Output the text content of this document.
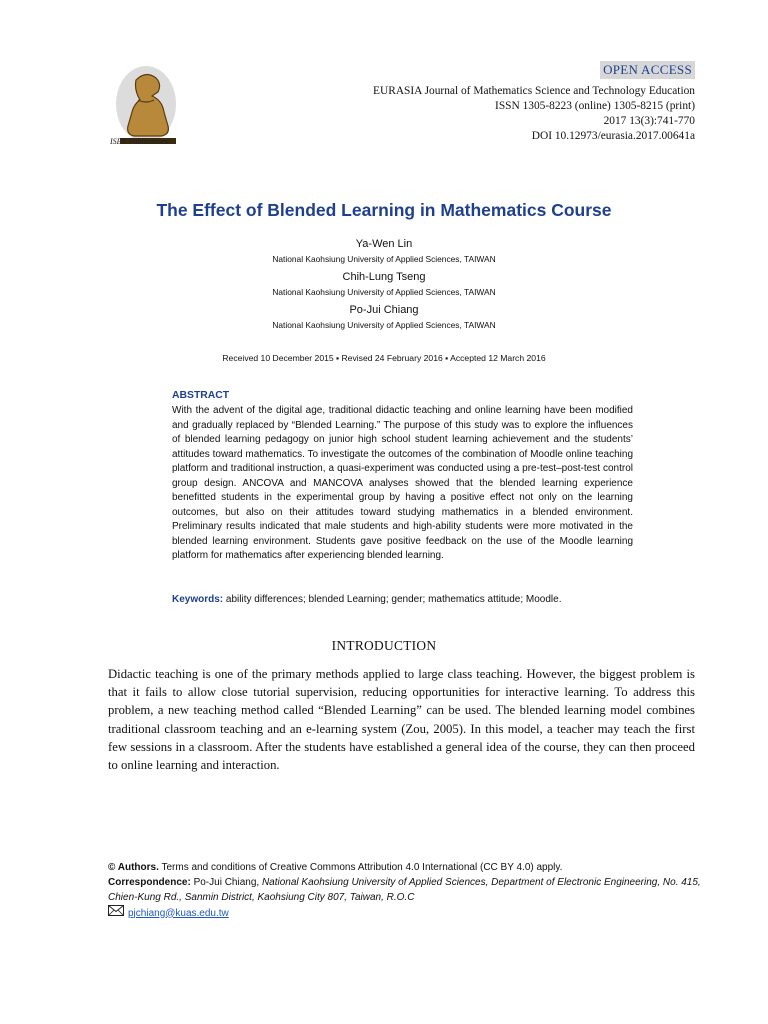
ISER Publications
OPEN ACCESS
EURASIA Journal of Mathematics Science and Technology Education
ISSN 1305-8223 (online) 1305-8215 (print)
2017 13(3):741-770
DOI 10.12973/eurasia.2017.00641a
The Effect of Blended Learning in Mathematics Course
Ya-Wen Lin
National Kaohsiung University of Applied Sciences, TAIWAN
Chih-Lung Tseng
National Kaohsiung University of Applied Sciences, TAIWAN
Po-Jui Chiang
National Kaohsiung University of Applied Sciences, TAIWAN
Received 10 December 2015 ▪ Revised 24 February 2016 ▪ Accepted 12 March 2016
ABSTRACT
With the advent of the digital age, traditional didactic teaching and online learning have been modified and gradually replaced by “Blended Learning.” The purpose of this study was to explore the influences of blended learning pedagogy on junior high school student learning achievement and the students’ attitudes toward mathematics. To investigate the outcomes of the combination of Moodle online teaching platform and traditional instruction, a quasi-experiment was conducted using a pre-test–post-test control group design. ANCOVA and MANCOVA analyses showed that the blended learning experience benefitted students in the experimental group by having a positive effect not only on the learning outcomes, but also on their attitudes toward studying mathematics in a blended environment. Preliminary results indicated that male students and high-ability students were more motivated in the blended learning environment. Students gave positive feedback on the use of the Moodle learning platform for mathematics after experiencing blended learning.
Keywords: ability differences; blended Learning; gender; mathematics attitude; Moodle.
INTRODUCTION
Didactic teaching is one of the primary methods applied to large class teaching. However, the biggest problem is that it fails to allow close tutorial supervision, reducing opportunities for interactive learning. To address this problem, a new teaching method called “Blended Learning” can be used. The blended learning model combines traditional classroom teaching and an e-learning system (Zou, 2005). In this model, a teacher may teach the first few sessions in a classroom. After the students have established a general idea of the course, they can then proceed to online learning and interaction.
© Authors. Terms and conditions of Creative Commons Attribution 4.0 International (CC BY 4.0) apply.
Correspondence: Po-Jui Chiang, National Kaohsiung University of Applied Sciences, Department of Electronic Engineering, No. 415, Chien-Kung Rd., Sanmin District, Kaohsiung City 807, Taiwan, R.O.C
pjchiang@kuas.edu.tw
